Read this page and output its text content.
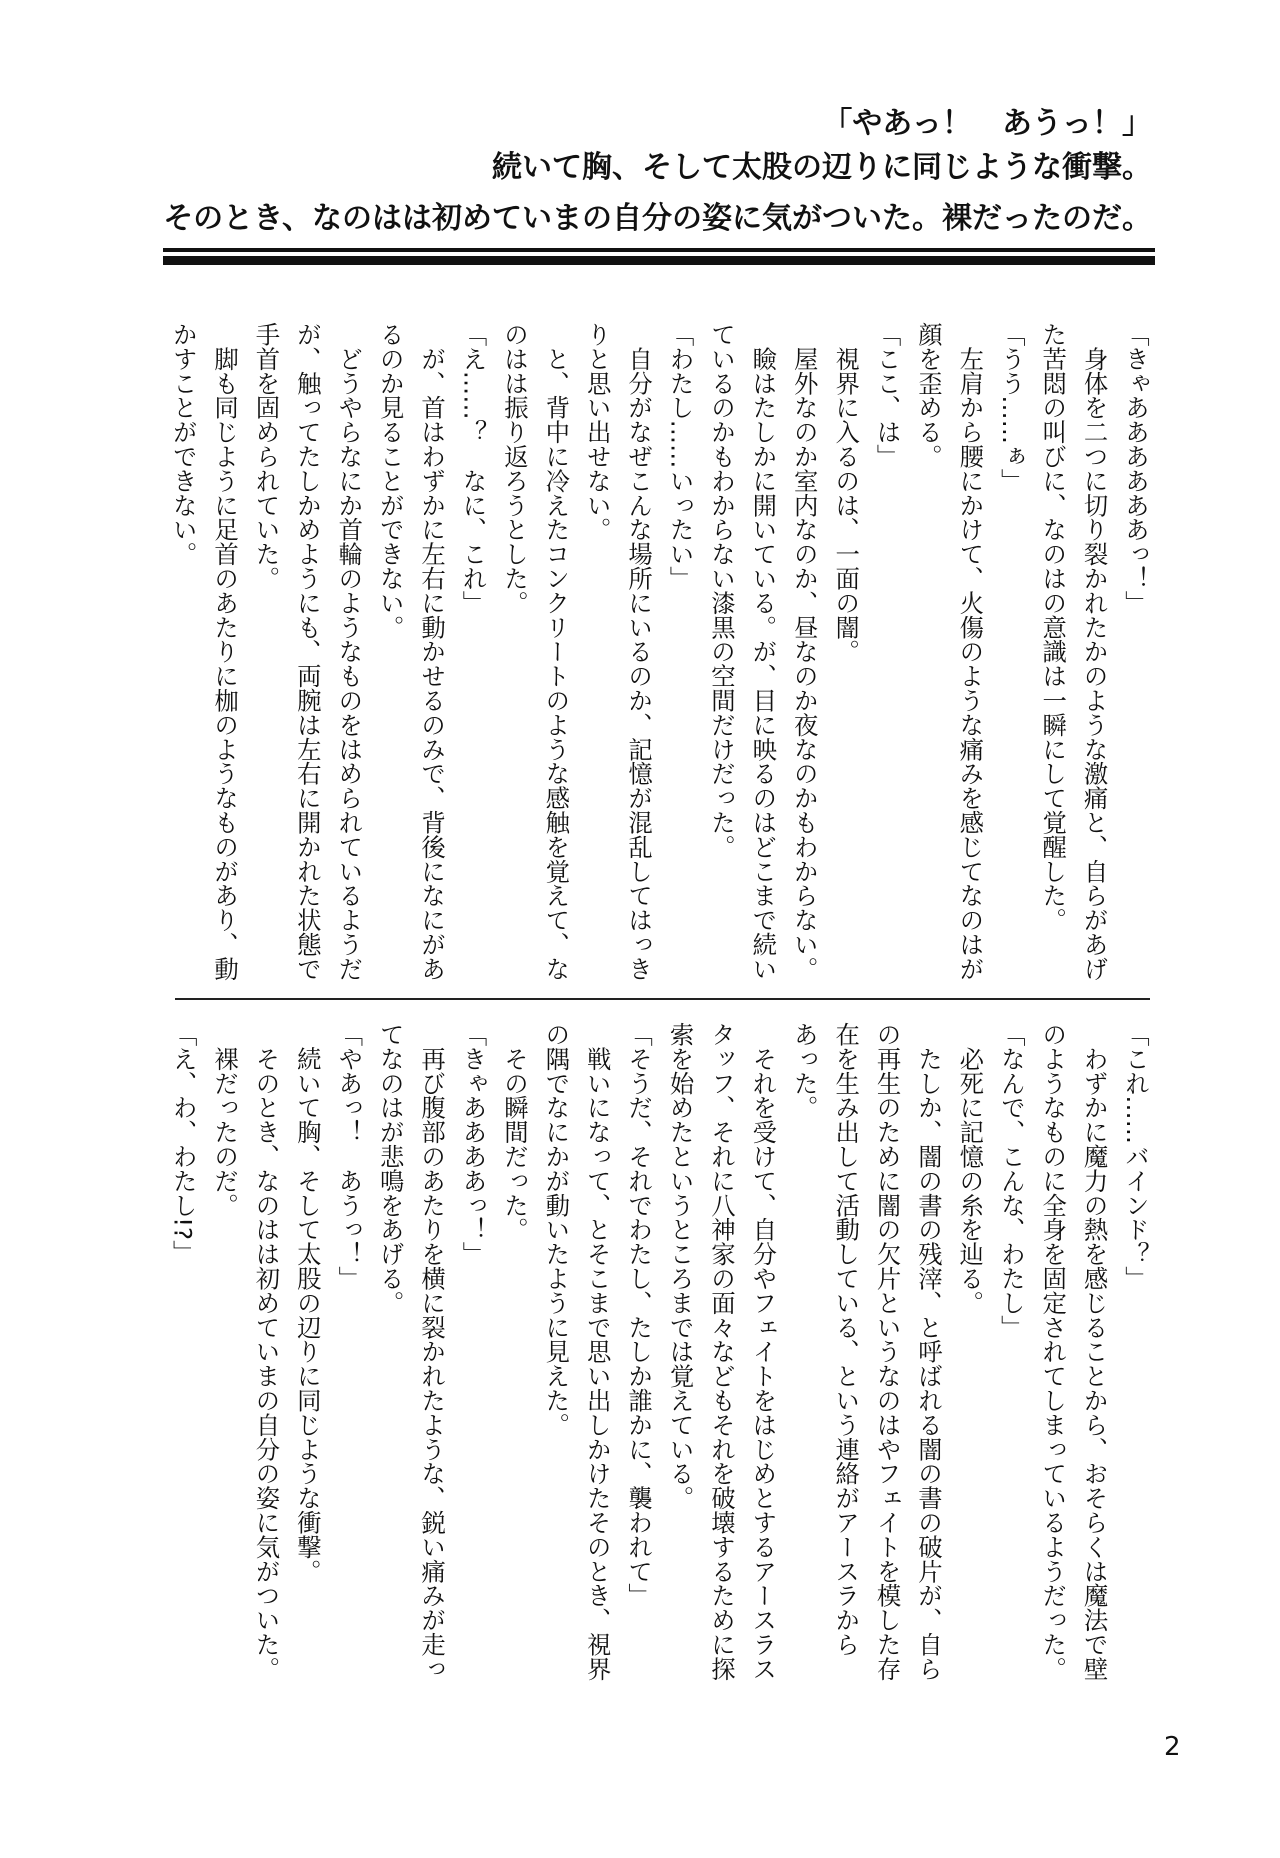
「やあっ！　あうっ！」
続いて胸、そして太股の辺りに同じような衝撃。
そのとき、なのはは初めていまの自分の姿に気がついた。裸だったのだ。
「きゃああああああっ！」
　身体を二つに切り裂かれたかのような激痛と、自らがあげ
た苦悶の叫びに、なのはの意識は一瞬にして覚醒した。
「うう……ぁ」
　左肩から腰にかけて、火傷のような痛みを感じてなのはが
顔を歪める。
「ここ、は」
　視界に入るのは、一面の闇。
　屋外なのか室内なのか、昼なのか夜なのかもわからない。
　瞼はたしかに開いている。が、目に映るのはどこまで続い
ているのかもわからない漆黒の空間だけだった。
「わたし……いったい」
　自分がなぜこんな場所にいるのか、記憶が混乱してはっき
りと思い出せない。
　と、背中に冷えたコンクリートのような感触を覚えて、な
のはは振り返ろうとした。
「え……？　なに、これ」
　が、首はわずかに左右に動かせるのみで、背後になにがあ
るのか見ることができない。
　どうやらなにか首輪のようなものをはめられているようだ
が、触ってたしかめようにも、両腕は左右に開かれた状態で
手首を固められていた。
　脚も同じように足首のあたりに枷のようなものがあり、動
かすことができない。
「これ……バインド？」
　わずかに魔力の熱を感じることから、おそらくは魔法で壁
のようなものに全身を固定されてしまっているようだった。
「なんで、こんな、わたし」
　必死に記憶の糸を辿る。
　たしか、闇の書の残滓、と呼ばれる闇の書の破片が、自ら
の再生のために闇の欠片というなのはやフェイトを模した存
在を生み出して活動している、という連絡がアースラから
あった。
　それを受けて、自分やフェイトをはじめとするアースラス
タッフ、それに八神家の面々などもそれを破壊するために探
索を始めたというところまでは覚えている。
「そうだ、それでわたし、たしか誰かに、襲われて」
　戦いになって、とそこまで思い出しかけたそのとき、視界
の隅でなにかが動いたように見えた。
　その瞬間だった。
「きゃああああっ！」
　再び腹部のあたりを横に裂かれたような、鋭い痛みが走っ
てなのはが悲鳴をあげる。
「やあっ！　あうっ！」
　続いて胸、そして太股の辺りに同じような衝撃。
　そのとき、なのはは初めていまの自分の姿に気がついた。
　裸だったのだ。
「え、わ、わたし!?」
2
